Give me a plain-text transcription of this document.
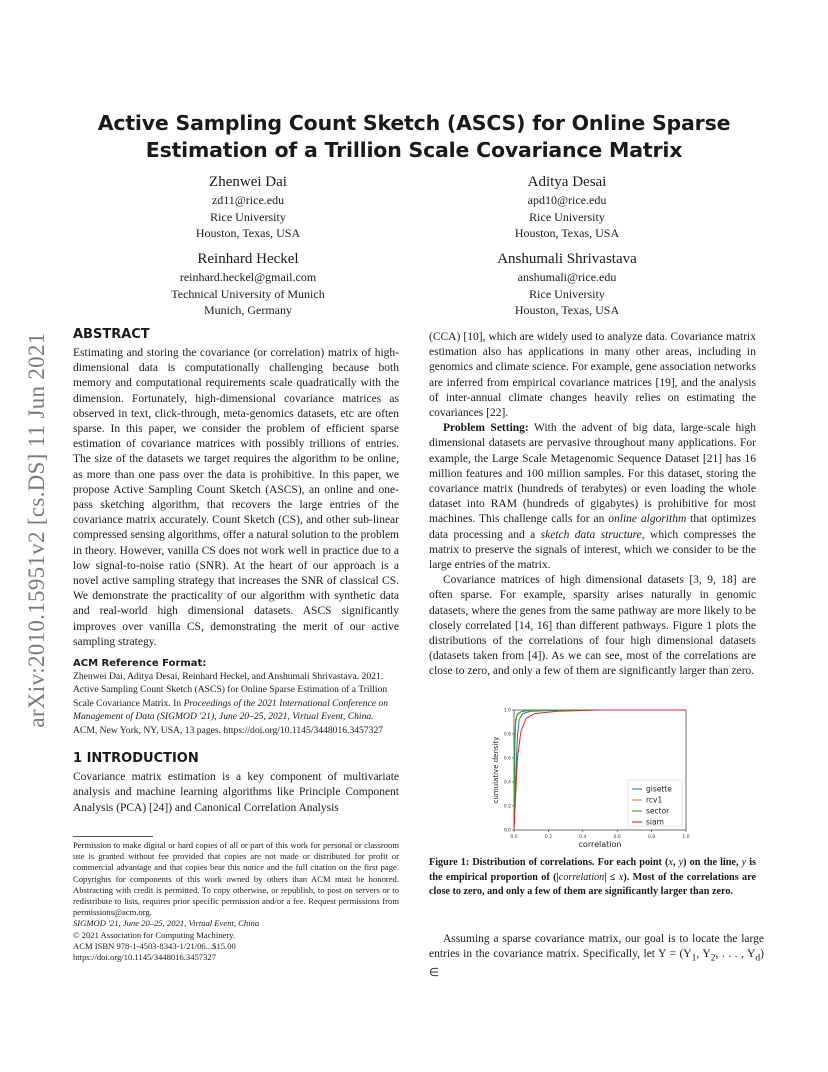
arXiv:2010.15951v2 [cs.DS] 11 Jun 2021
Active Sampling Count Sketch (ASCS) for Online Sparse
Estimation of a Trillion Scale Covariance Matrix
Zhenwei Dai
zd11@rice.edu
Rice University
Houston, Texas, USA
Aditya Desai
apd10@rice.edu
Rice University
Houston, Texas, USA
Reinhard Heckel
reinhard.heckel@gmail.com
Technical University of Munich
Munich, Germany
Anshumali Shrivastava
anshumali@rice.edu
Rice University
Houston, Texas, USA
ABSTRACT

Estimating and storing the covariance (or correlation) matrix of high-dimensional data is computationally challenging because both memory and computational requirements scale quadratically with the dimension. Fortunately, high-dimensional covariance matrices as observed in text, click-through, meta-genomics datasets, etc are often sparse. In this paper, we consider the problem of efficient sparse estimation of covariance matrices with possibly trillions of entries. The size of the datasets we target requires the algorithm to be online, as more than one pass over the data is prohibitive. In this paper, we propose Active Sampling Count Sketch (ASCS), an online and one-pass sketching algorithm, that recovers the large entries of the covariance matrix accurately. Count Sketch (CS), and other sub-linear compressed sensing algorithms, offer a natural solution to the problem in theory. However, vanilla CS does not work well in practice due to a low signal-to-noise ratio (SNR). At the heart of our approach is a novel active sampling strategy that increases the SNR of classical CS. We demonstrate the practicality of our algorithm with synthetic data and real-world high dimensional datasets. ASCS significantly improves over vanilla CS, demonstrating the merit of our active sampling strategy.

ACM Reference Format:

Zhenwei Dai, Aditya Desai, Reinhard Heckel, and Anshumali Shrivastava. 2021. Active Sampling Count Sketch (ASCS) for Online Sparse Estimation of a Trillion Scale Covariance Matrix. In Proceedings of the 2021 International Conference on Management of Data (SIGMOD '21), June 20–25, 2021, Virtual Event, China. ACM, New York, NY, USA, 13 pages. https://doi.org/10.1145/3448016.3457327

1 INTRODUCTION

Covariance matrix estimation is a key component of multivariate analysis and machine learning algorithms like Principle Component Analysis (PCA) [24]) and Canonical Correlation Analysis

Permission to make digital or hard copies of all or part of this work for personal or classroom use is granted without fee provided that copies are not made or distributed for profit or commercial advantage and that copies bear this notice and the full citation on the first page. Copyrights for components of this work owned by others than ACM must be honored. Abstracting with credit is permitted. To copy otherwise, or republish, to post on servers or to redistribute to lists, requires prior specific permission and/or a fee. Request permissions from permissions@acm.org.

SIGMOD '21, June 20–25, 2021, Virtual Event, China

© 2021 Association for Computing Machinery.

ACM ISBN 978-1-4503-8343-1/21/06...$15.00

https://doi.org/10.1145/3448016.3457327

(CCA) [10], which are widely used to analyze data. Covariance matrix estimation also has applications in many other areas, including in genomics and climate science. For example, gene association networks are inferred from empirical covariance matrices [19], and the analysis of inter-annual climate changes heavily relies on estimating the covariances [22].

Problem Setting: With the advent of big data, large-scale high dimensional datasets are pervasive throughout many applications. For example, the Large Scale Metagenomic Sequence Dataset [21] has 16 million features and 100 million samples. For this dataset, storing the covariance matrix (hundreds of terabytes) or even loading the whole dataset into RAM (hundreds of gigabytes) is prohibitive for most machines. This challenge calls for an online algorithm that optimizes data processing and a sketch data structure, which compresses the matrix to preserve the signals of interest, which we consider to be the large entries of the matrix.

Covariance matrices of high dimensional datasets [3, 9, 18] are often sparse. For example, sparsity arises naturally in genomic datasets, where the genes from the same pathway are more likely to be closely correlated [14, 16] than different pathways. Figure 1 plots the distributions of the correlations of four high dimensional datasets (datasets taken from [4]). As we can see, most of the correlations are close to zero, and only a few of them are significantly larger than zero.

0.0	0.2	0.4	0.6	0.8	1.0
0.0
0.2
0.4
0.6
0.8
1.0
correlation
cumulative density	gisette
rcv1
sector
siam
Figure 1: Distribution of correlations. For each point (x, y) on the line, y is the empirical proportion of (|correlation| ≤ x). Most of the correlations are close to zero, and only a few of them are significantly larger than zero.
Assuming a sparse covariance matrix, our goal is to locate the large entries in the covariance matrix. Specifically, let $Y = (Y_1$, $Y_2$, . . . , $Y_d$) ∈
